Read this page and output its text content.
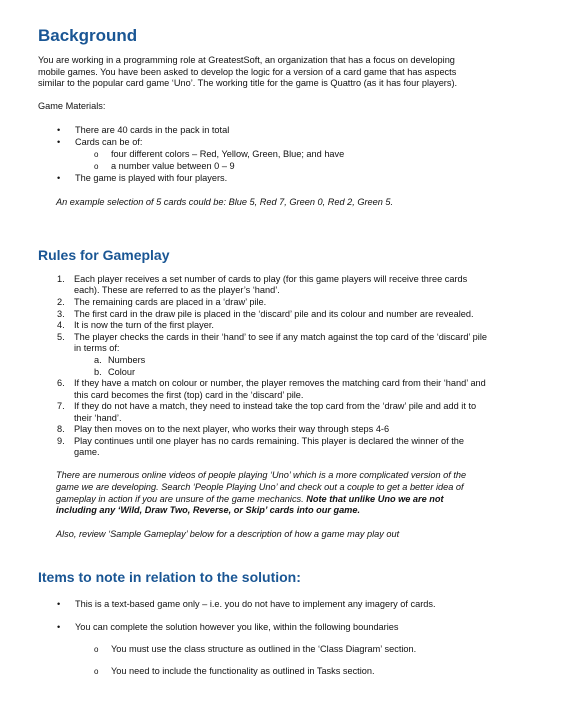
Background

You are working in a programming role at GreatestSoft, an organization that has a focus on developing

mobile games. You have been asked to develop the logic for a version of a card game that has aspects

similar to the popular card game ‘Uno’. The working title for the game is Quattro (as it has four players).

Game Materials:

• There are 40 cards in the pack in total
• Cards can be of:
o four different colors – Red, Yellow, Green, Blue; and have
o a number value between 0 – 9
• The game is played with four players.

An example selection of 5 cards could be: Blue 5, Red 7, Green 0, Red 2, Green 5.

Rules for Gameplay
1. Each player receives a set number of cards to play (for this game players will receive three cards
each). These are referred to as the player’s ‘hand’.
2. The remaining cards are placed in a ‘draw’ pile.
3. The first card in the draw pile is placed in the ‘discard’ pile and its colour and number are revealed.
4. It is now the turn of the first player.
5. The player checks the cards in their ‘hand’ to see if any match against the top card of the ‘discard’ pile
in terms of:
a. Numbers
b. Colour
6. If they have a match on colour or number, the player removes the matching card from their ‘hand’ and
this card becomes the first (top) card in the ‘discard’ pile.
7. If they do not have a match, they need to instead take the top card from the ‘draw’ pile and add it to
their ‘hand’.
8. Play then moves on to the next player, who works their way through steps 4-6
9. Play continues until one player has no cards remaining. This player is declared the winner of the
game.

There are numerous online videos of people playing ‘Uno’ which is a more complicated version of the

game we are developing. Search ‘People Playing Uno’ and check out a couple to get a better idea of

gameplay in action if you are unsure of the game mechanics. Note that unlike Uno we are not

including any ‘Wild, Draw Two, Reverse, or Skip’ cards into our game.

Also, review ‘Sample Gameplay’ below for a description of how a game may play out

Items to note in relation to the solution:
• This is a text-based game only – i.e. you do not have to implement any imagery of cards.
• You can complete the solution however you like, within the following boundaries
o You must use the class structure as outlined in the ‘Class Diagram’ section.
o You need to include the functionality as outlined in Tasks section.
